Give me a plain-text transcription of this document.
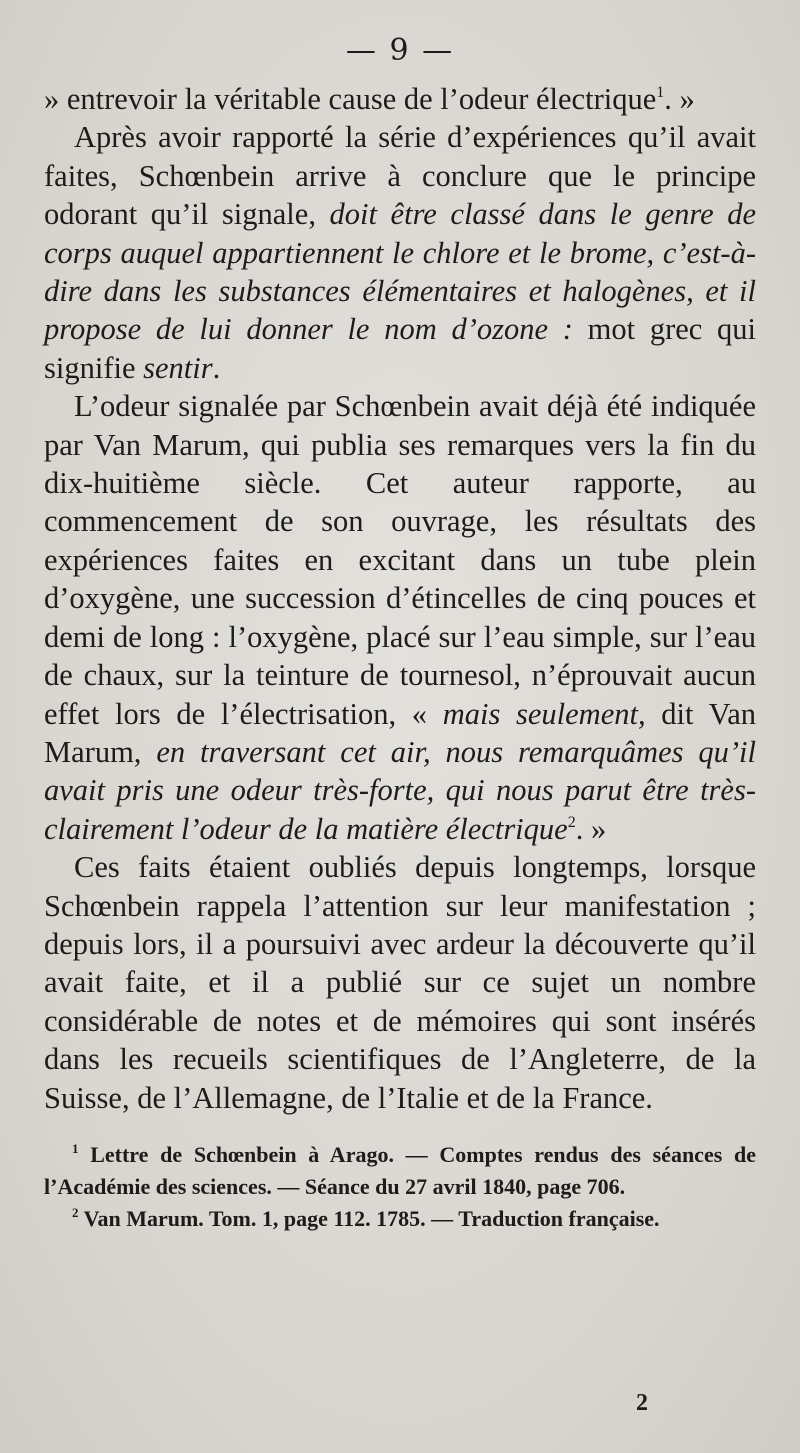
— 9 —

» entrevoir la véritable cause de l’odeur électrique$^1$. »

Après avoir rapporté la série d’expériences qu’il avait faites, Schœnbein arrive à conclure que le principe odorant qu’il signale, doit être classé dans le genre de corps auquel appartiennent le chlore et le brome, c’est-à-dire dans les substances élémentaires et halogènes, et il propose de lui donner le nom d’ozone : mot grec qui signifie sentir.

L’odeur signalée par Schœnbein avait déjà été indiquée par Van Marum, qui publia ses remarques vers la fin du dix-huitième siècle. Cet auteur rapporte, au commencement de son ouvrage, les résultats des expériences faites en excitant dans un tube plein d’oxygène, une succession d’étincelles de cinq pouces et demi de long : l’oxygène, placé sur l’eau simple, sur l’eau de chaux, sur la teinture de tournesol, n’éprouvait aucun effet lors de l’électrisation, « mais seulement, dit Van Marum, en traversant cet air, nous remarquâmes qu’il avait pris une odeur très-forte, qui nous parut être très-clairement l’odeur de la matière électrique$^2$. »

Ces faits étaient oubliés depuis longtemps, lorsque Schœnbein rappela l’attention sur leur manifestation ; depuis lors, il a poursuivi avec ardeur la découverte qu’il avait faite, et il a publié sur ce sujet un nombre considérable de notes et de mémoires qui sont insérés dans les recueils scientifiques de l’Angleterre, de la Suisse, de l’Allemagne, de l’Italie et de la France.

$^1$ Lettre de Schœnbein à Arago. — Comptes rendus des séances de l’Académie des sciences. — Séance du 27 avril 1840, page 706.

$^2$ Van Marum. Tom. 1, page 112. 1785. — Traduction française.

2
